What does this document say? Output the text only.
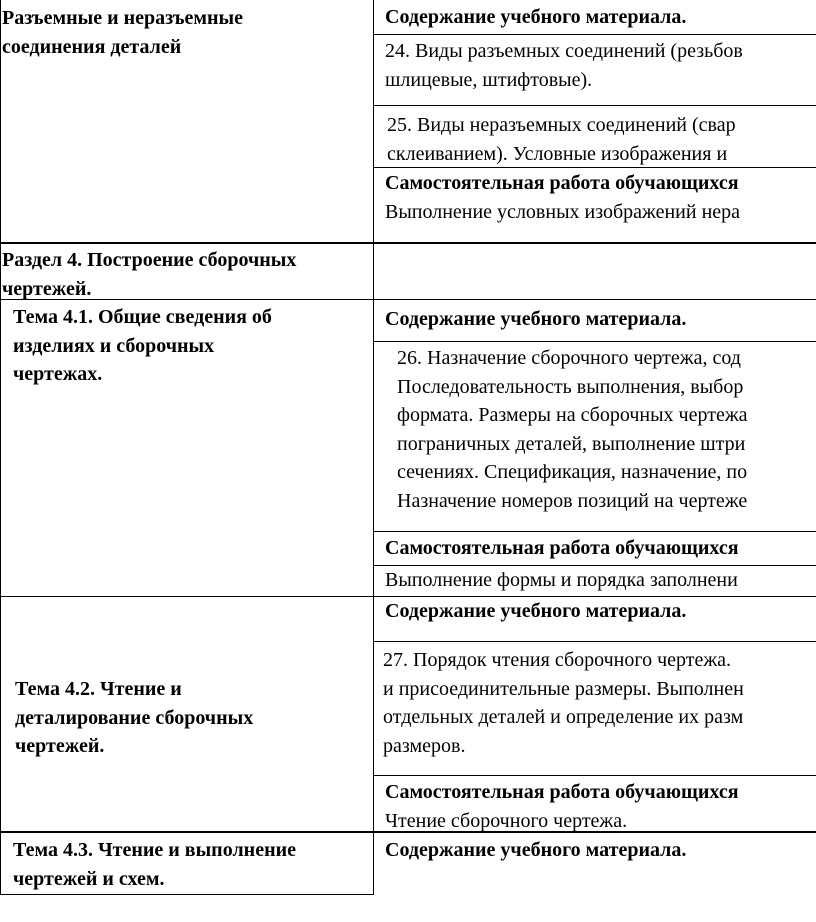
Разъемные и неразъемные
соединения деталей
Содержание учебного материала.
24. Виды разъемных соединений (резьбов
шлицевые, штифтовые).
25. Виды неразъемных соединений (свар
склеиванием). Условные изображения и
Самостоятельная работа обучающихся
Выполнение условных изображений нера
Раздел 4. Построение сборочных
чертежей.
Тема 4.1. Общие сведения об
изделиях и сборочных
чертежах.
Содержание учебного материала.
26. Назначение сборочного чертежа, сод
Последовательность выполнения, выбор
формата. Размеры на сборочных чертежа
пограничных деталей, выполнение штри
сечениях. Спецификация, назначение, по
Назначение номеров позиций на чертеже
Самостоятельная работа обучающихся
Выполнение формы и порядка заполнени
Тема 4.2. Чтение и
деталирование сборочных
чертежей.
Содержание учебного материала.
27. Порядок чтения сборочного чертежа.
и присоединительные размеры. Выполнен
отдельных деталей и определение их разм
размеров.
Самостоятельная работа обучающихся
Чтение сборочного чертежа.
Тема 4.3. Чтение и выполнение
чертежей и схем.
Содержание учебного материала.
